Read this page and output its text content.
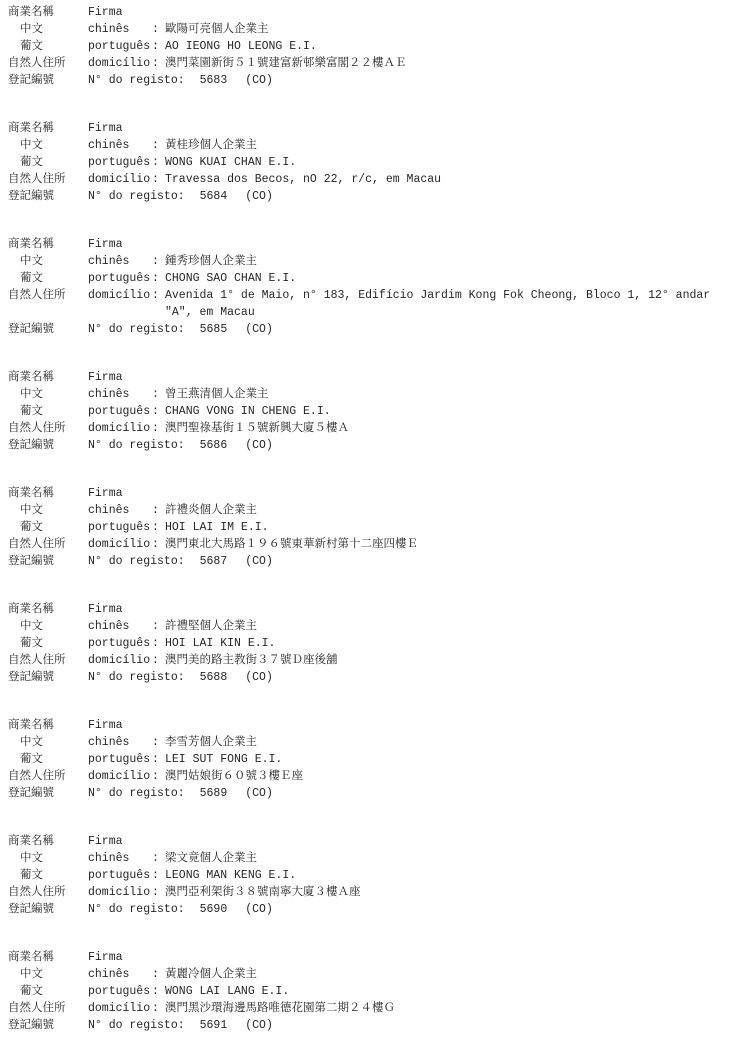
商業名稱	Firma
中文	chinês	: 歐陽可亮個人企業主
葡文	português : AO IEONG HO LEONG E.I.
自然人住所	domicílio : 澳門菜園新街５１號建富新邨樂富閣２２樓ＡＥ
登記編號	N° do registo: 5683 (CO)
商業名稱	Firma
中文	chinês	: 黃桂珍個人企業主
葡文	português : WONG KUAI CHAN E.I.
自然人住所	domicílio : Travessa dos Becos, nO 22, r/c, em Macau
登記編號	N° do registo: 5684 (CO)
商業名稱	Firma
中文	chinês	: 鍾秀珍個人企業主
葡文	português : CHONG SAO CHAN E.I.
自然人住所	domicílio : Avenida 1° de Maio, n° 183, Edifício Jardim Kong Fok Cheong, Bloco 1, 12° andar
"A", em Macau
登記編號	N° do registo: 5685 (CO)
商業名稱	Firma
中文	chinês	: 曾王燕清個人企業主
葡文	português : CHANG VONG IN CHENG E.I.
自然人住所	domicílio : 澳門聖祿基街１５號新興大廈５樓Ａ
登記編號	N° do registo: 5686 (CO)
商業名稱	Firma
中文	chinês	: 許禮炎個人企業主
葡文	português : HOI LAI IM E.I.
自然人住所	domicílio : 澳門東北大馬路１９６號東華新村第十二座四樓Ｅ
登記編號	N° do registo: 5687 (CO)
商業名稱	Firma
中文	chinês	: 許禮堅個人企業主
葡文	português : HOI LAI KIN E.I.
自然人住所	domicílio : 澳門美的路主教街３７號Ｄ座後舖
登記編號	N° do registo: 5688 (CO)
商業名稱	Firma
中文	chinês	: 李雪芳個人企業主
葡文	português : LEI SUT FONG E.I.
自然人住所	domicílio : 澳門姑娘街６０號３樓Ｅ座
登記編號	N° do registo: 5689 (CO)
商業名稱	Firma
中文	chinês	: 梁文竟個人企業主
葡文	português : LEONG MAN KENG E.I.
自然人住所	domicílio : 澳門亞利架街３８號南寧大廈３樓Ａ座
登記編號	N° do registo: 5690 (CO)
商業名稱	Firma
中文	chinês	: 黃麗冷個人企業主
葡文	português : WONG LAI LANG E.I.
自然人住所	domicílio : 澳門黑沙環海邊馬路唯德花園第二期２４樓Ｇ
登記編號	N° do registo: 5691 (CO)
